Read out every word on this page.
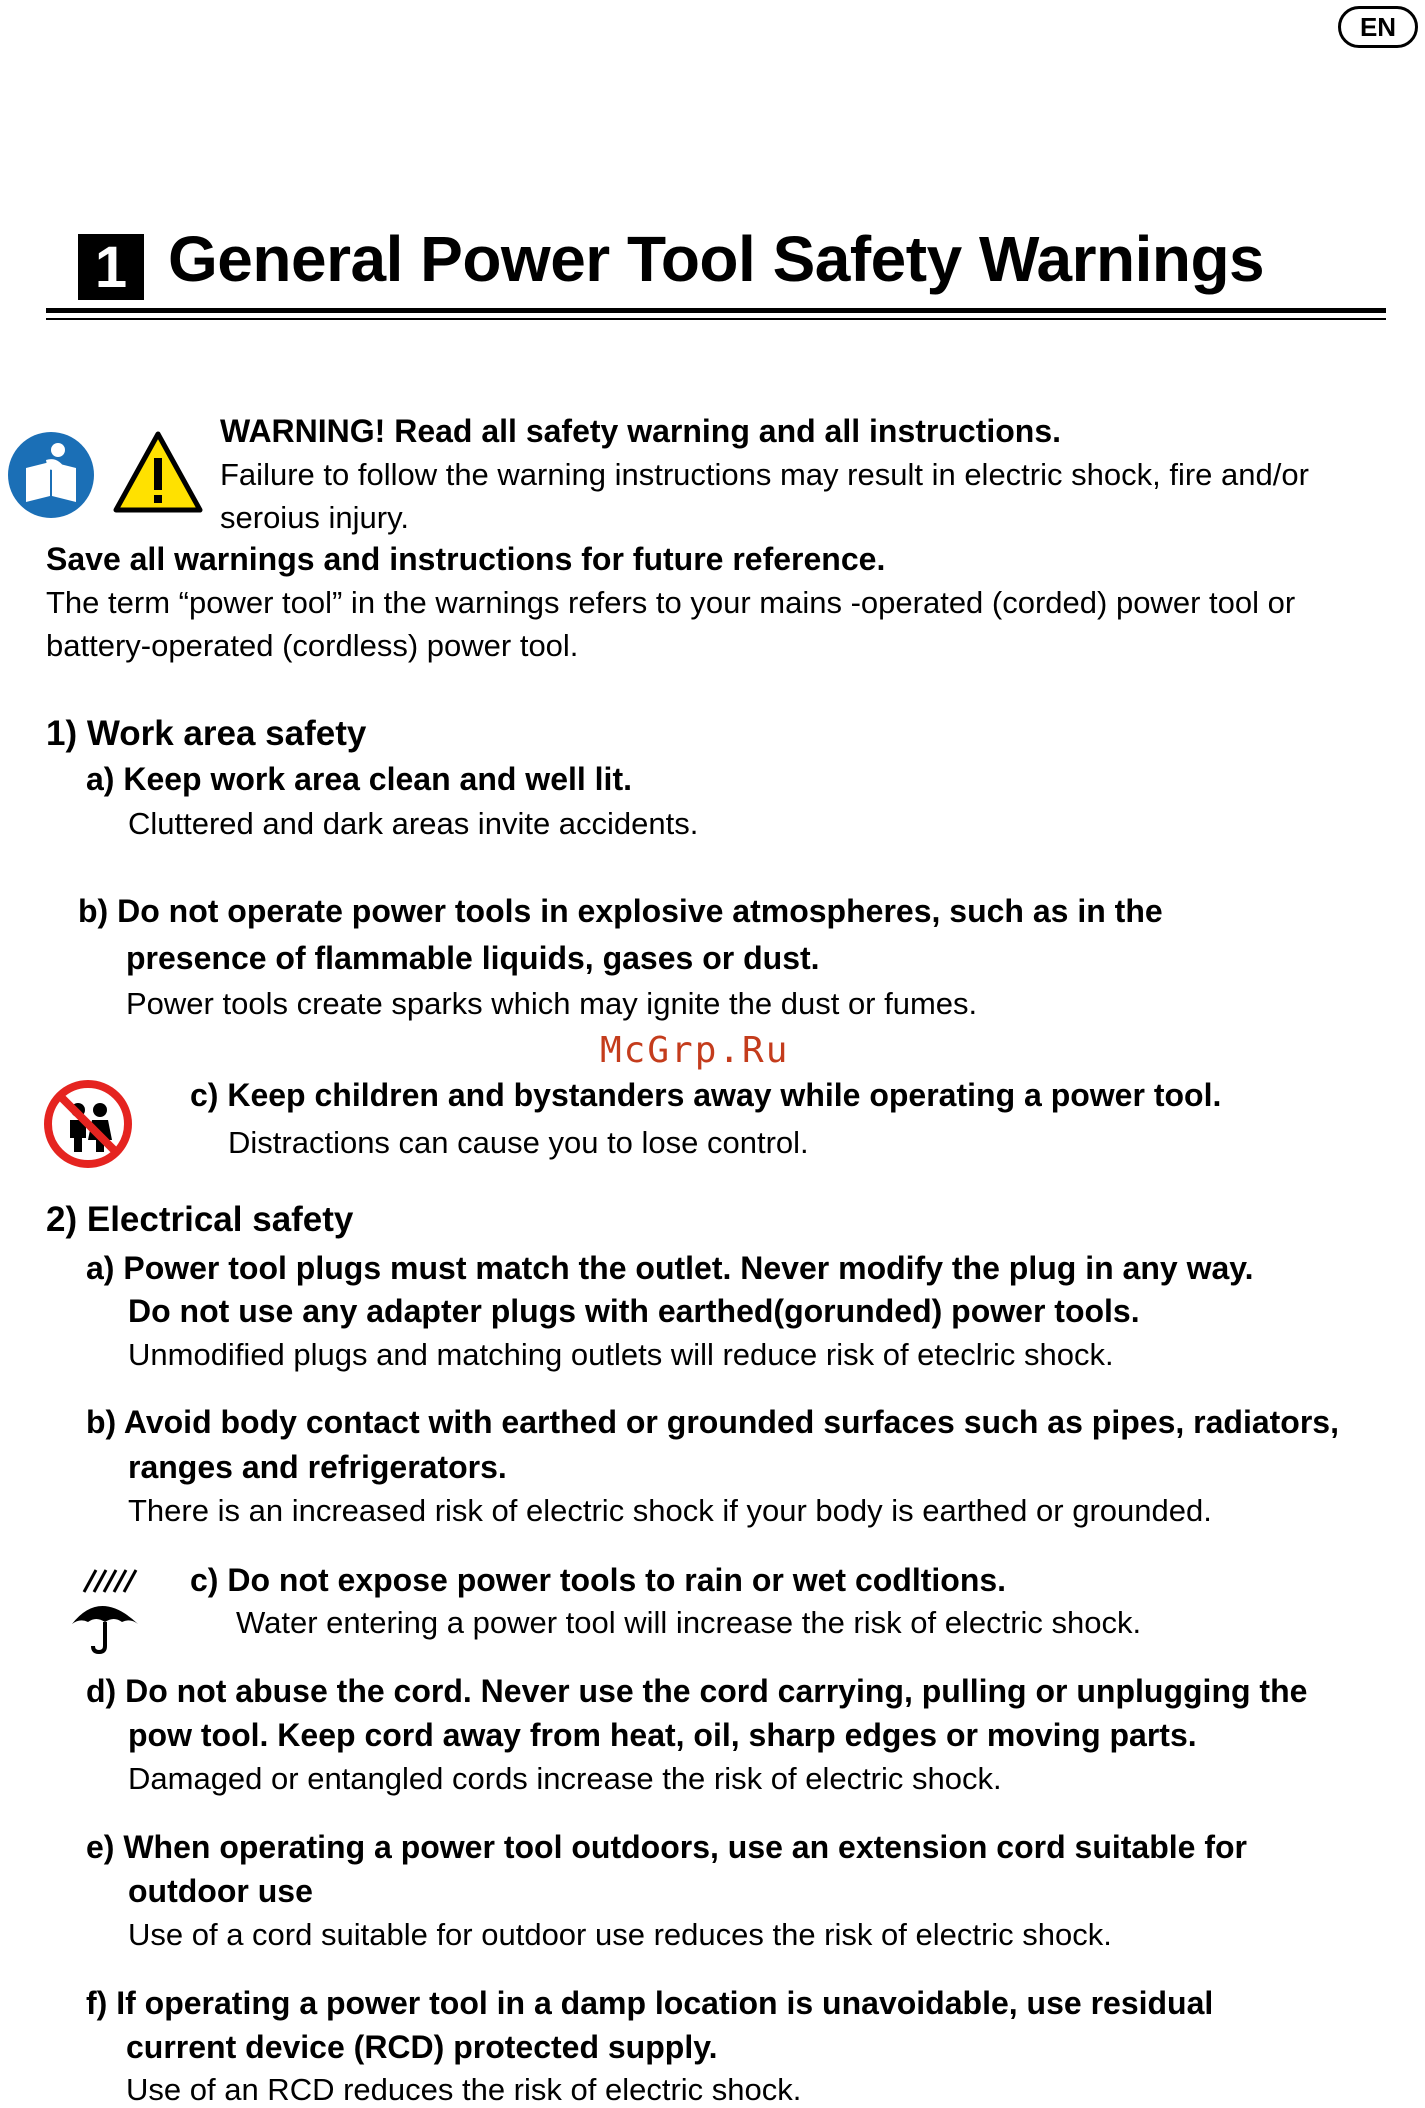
EN
1 General Power Tool Safety Warnings
WARNING! Read all safety warning and all instructions.
Failure to follow the warning instructions may result in electric shock, fire and/or
seroius injury.
Save all warnings and instructions for future reference.
The term “power tool” in the warnings refers to your mains -operated (corded) power tool or
battery-operated (cordless) power tool.
1) Work area safety
a) Keep work area clean and well lit.
Cluttered and dark areas invite accidents.
b) Do not operate power tools in explosive atmospheres, such as in the
presence of flammable liquids, gases or dust.
Power tools create sparks which may ignite the dust or fumes.
McGrp.Ru
c) Keep children and bystanders away while operating a power tool.
Distractions can cause you to lose control.
2) Electrical safety
a) Power tool plugs must match the outlet. Never modify the plug in any way.
Do not use any adapter plugs with earthed(gorunded) power tools.
Unmodified plugs and matching outlets will reduce risk of eteclric shock.
b) Avoid body contact with earthed or grounded surfaces such as pipes, radiators,
ranges and refrigerators.
There is an increased risk of electric shock if your body is earthed or grounded.
c) Do not expose power tools to rain or wet codltions.
Water entering a power tool will increase the risk of electric shock.
d) Do not abuse the cord. Never use the cord carrying, pulling or unplugging the
pow tool. Keep cord away from heat, oil, sharp edges or moving parts.
Damaged or entangled cords increase the risk of electric shock.
e) When operating a power tool outdoors, use an extension cord suitable for
outdoor use
Use of a cord suitable for outdoor use reduces the risk of electric shock.
f) If operating a power tool in a damp location is unavoidable, use residual
current device (RCD) protected supply.
Use of an RCD reduces the risk of electric shock.
